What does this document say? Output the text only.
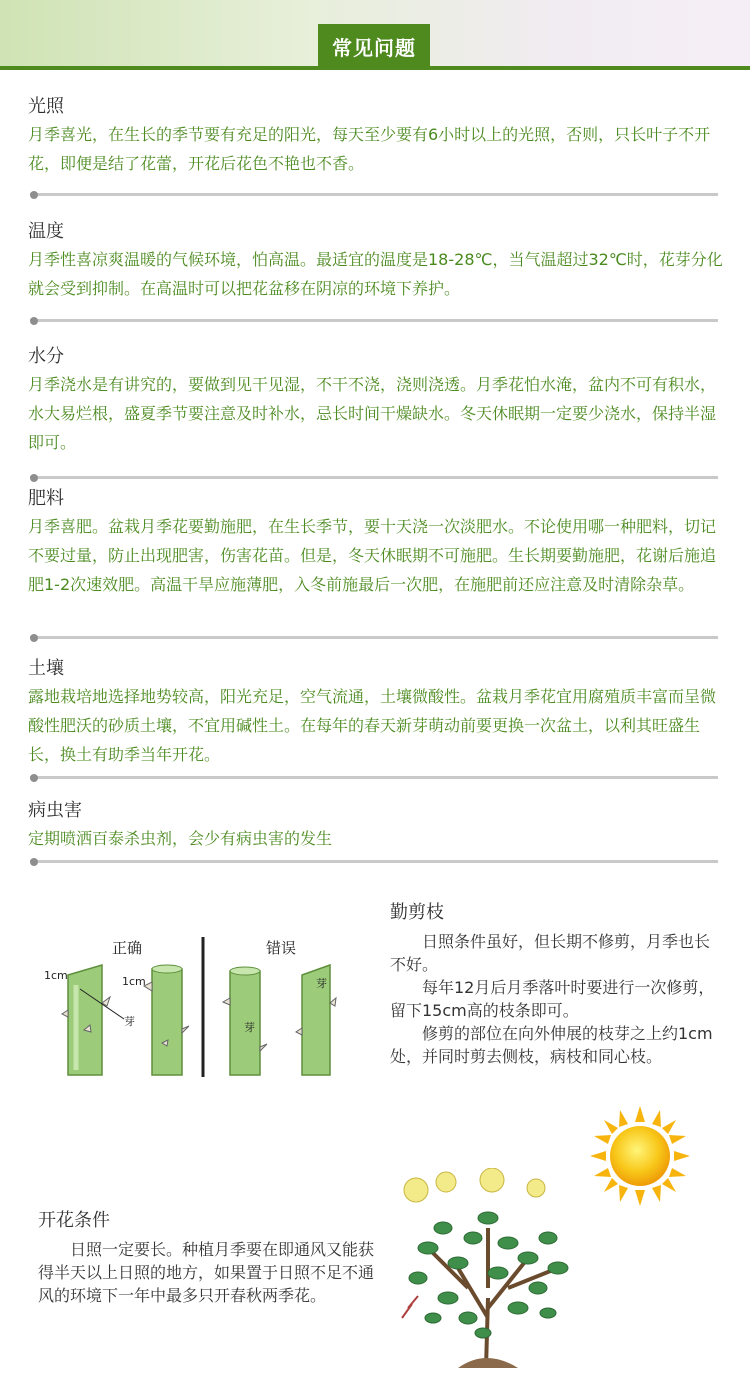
常见问题

光照

月季喜光，在生长的季节要有充足的阳光，每天至少要有6小时以上的光照，否则，只长叶子不开花，即便是结了花蕾，开花后花色不艳也不香。

温度

月季性喜凉爽温暖的气候环境，怕高温。最适宜的温度是18-28℃，当气温超过32℃时，花芽分化就会受到抑制。在高温时可以把花盆移在阴凉的环境下养护。

水分

月季浇水是有讲究的，要做到见干见湿，不干不浇，浇则浇透。月季花怕水淹，盆内不可有积水，水大易烂根，盛夏季节要注意及时补水，忌长时间干燥缺水。冬天休眠期一定要少浇水，保持半湿即可。

肥料

月季喜肥。盆栽月季花要勤施肥，在生长季节，要十天浇一次淡肥水。不论使用哪一种肥料，切记不要过量，防止出现肥害，伤害花苗。但是，冬天休眠期不可施肥。生长期要勤施肥，花谢后施追肥1-2次速效肥。高温干旱应施薄肥，入冬前施最后一次肥，在施肥前还应注意及时清除杂草。

土壤

露地栽培地选择地势较高，阳光充足，空气流通，土壤微酸性。盆栽月季花宜用腐殖质丰富而呈微酸性肥沃的砂质土壤，不宜用碱性土。在每年的春天新芽萌动前要更换一次盆土，以利其旺盛生长，换土有助季当年开花。

病虫害

定期喷洒百泰杀虫剂，会少有病虫害的发生

正确	错误
1cm
芽
1cm
芽
芽

勤剪枝

日照条件虽好，但长期不修剪，月季也长不好。

每年12月后月季落叶时要进行一次修剪，留下15cm高的枝条即可。

修剪的部位在向外伸展的枝芽之上约1cm处，并同时剪去侧枝，病枝和同心枝。

开花条件

日照一定要长。种植月季要在即通风又能获得半天以上日照的地方，如果置于日照不足不通风的环境下一年中最多只开春秋两季花。
